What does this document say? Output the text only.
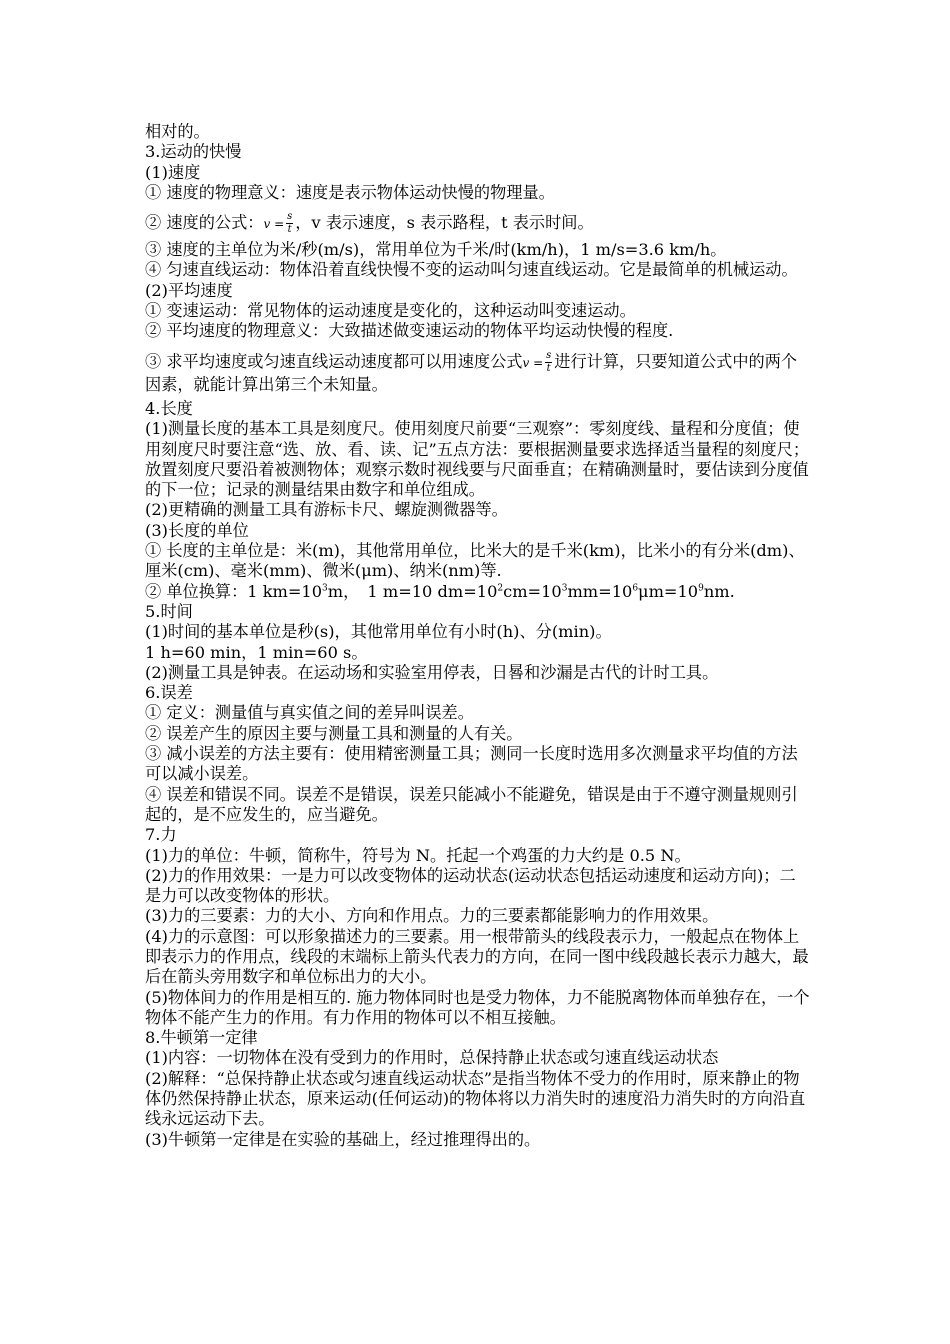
相对的。

3.运动的快慢

(1)速度

① 速度的物理意义：速度是表示物体运动快慢的物理量。

② 速度的公式：$v = \frac{s}{t}$ ，v 表示速度，s 表示路程，t 表示时间。

③ 速度的主单位为米/秒(m/s)，常用单位为千米/时(km/h)，1 m/s=3.6 km/h。

④ 匀速直线运动：物体沿着直线快慢不变的运动叫匀速直线运动。它是最简单的机械运动。

(2)平均速度

① 变速运动：常见物体的运动速度是变化的，这种运动叫变速运动。

② 平均速度的物理意义：大致描述做变速运动的物体平均运动快慢的程度.

③ 求平均速度或匀速直线运动速度都可以用速度公式$v = \frac{s}{t}$ 进行计算，只要知道公式中的两个因素，就能计算出第三个未知量。

4.长度

(1)测量长度的基本工具是刻度尺。使用刻度尺前要“三观察”：零刻度线、量程和分度值；使用刻度尺时要注意“选、放、看、读、记”五点方法：要根据测量要求选择适当量程的刻度尺；放置刻度尺要沿着被测物体；观察示数时视线要与尺面垂直；在精确测量时，要估读到分度值的下一位；记录的测量结果由数字和单位组成。

(2)更精确的测量工具有游标卡尺、螺旋测微器等。

(3)长度的单位

① 长度的主单位是：米(m)，其他常用单位，比米大的是千米(km)，比米小的有分米(dm)、厘米(cm)、毫米(mm)、微米(μm)、纳米(nm)等.

② 单位换算：1 $km=10^3m$，　1 m=10 $dm=10^2cm=10^3mm=10^6\mu m=10^9nm$.

5.时间

(1)时间的基本单位是秒(s)，其他常用单位有小时(h)、分(min)。

1 h=60 min，1 min=60 s。

(2)测量工具是钟表。在运动场和实验室用停表，日晷和沙漏是古代的计时工具。

6.误差

① 定义：测量值与真实值之间的差异叫误差。

② 误差产生的原因主要与测量工具和测量的人有关。

③ 减小误差的方法主要有：使用精密测量工具；测同一长度时选用多次测量求平均值的方法可以减小误差。

④ 误差和错误不同。误差不是错误，误差只能减小不能避免，错误是由于不遵守测量规则引起的，是不应发生的，应当避免。

7.力

(1)力的单位：牛顿，简称牛，符号为 N。托起一个鸡蛋的力大约是 0.5 N。

(2)力的作用效果：一是力可以改变物体的运动状态(运动状态包括运动速度和运动方向)；二是力可以改变物体的形状。

(3)力的三要素：力的大小、方向和作用点。力的三要素都能影响力的作用效果。

(4)力的示意图：可以形象描述力的三要素。用一根带箭头的线段表示力，一般起点在物体上即表示力的作用点，线段的末端标上箭头代表力的方向，在同一图中线段越长表示力越大，最后在箭头旁用数字和单位标出力的大小。

(5)物体间力的作用是相互的. 施力物体同时也是受力物体，力不能脱离物体而单独存在，一个物体不能产生力的作用。有力作用的物体可以不相互接触。

8.牛顿第一定律

(1)内容：一切物体在没有受到力的作用时，总保持静止状态或匀速直线运动状态

(2)解释：“总保持静止状态或匀速直线运动状态”是指当物体不受力的作用时，原来静止的物体仍然保持静止状态，原来运动(任何运动)的物体将以力消失时的速度沿力消失时的方向沿直线永远运动下去。

(3)牛顿第一定律是在实验的基础上，经过推理得出的。
